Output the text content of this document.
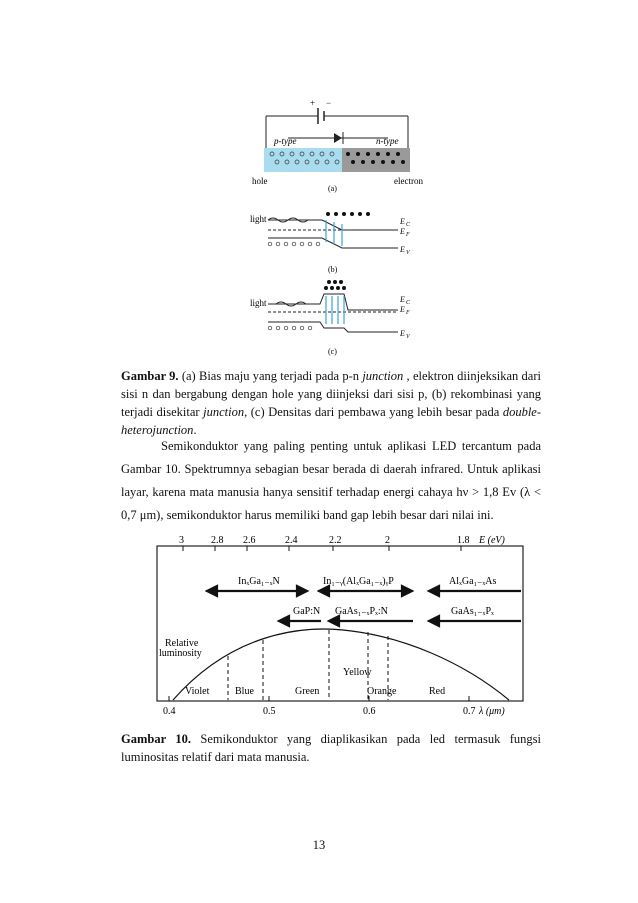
+ −
p-type	n-type
hole	electron
(a)
light	E C
E F
E V
(b)
light	E C
E F
E V
(c)
Gambar 9. (a) Bias maju yang terjadi pada p-n junction , elektron diinjeksikan dari sisi n dan bergabung dengan hole yang diinjeksi dari sisi p, (b) rekombinasi yang terjadi disekitar junction, (c) Densitas dari pembawa yang lebih besar pada double-heterojunction.
Semikonduktor yang paling penting untuk aplikasi LED tercantum pada Gambar 10. Spektrumnya sebagian besar berada di daerah infrared. Untuk aplikasi layar, karena mata manusia hanya sensitif terhadap energi cahaya hν > 1,8 Ev (λ < 0,7 μm), semikonduktor harus memiliki band gap lebih besar dari nilai ini.
3	2.8 2.6	2.4	2.2	2	1.8 E (eV)
InₓGa₁₋ₓN	In₁₋ᵧ(AlₓGa₁₋ₓ)ᵧP	AlₓGa₁₋ₓAs
GaP:N GaAs₁₋ₓPₓ:N	GaAs₁₋ₓPₓ
Relative
luminosity
Violet	Blue	Green
Yellow
Orange	Red
0.4	0.5	0.6	0.7 λ (μm)
Gambar 10. Semikonduktor yang diaplikasikan pada led termasuk fungsi luminositas relatif dari mata manusia.
13
